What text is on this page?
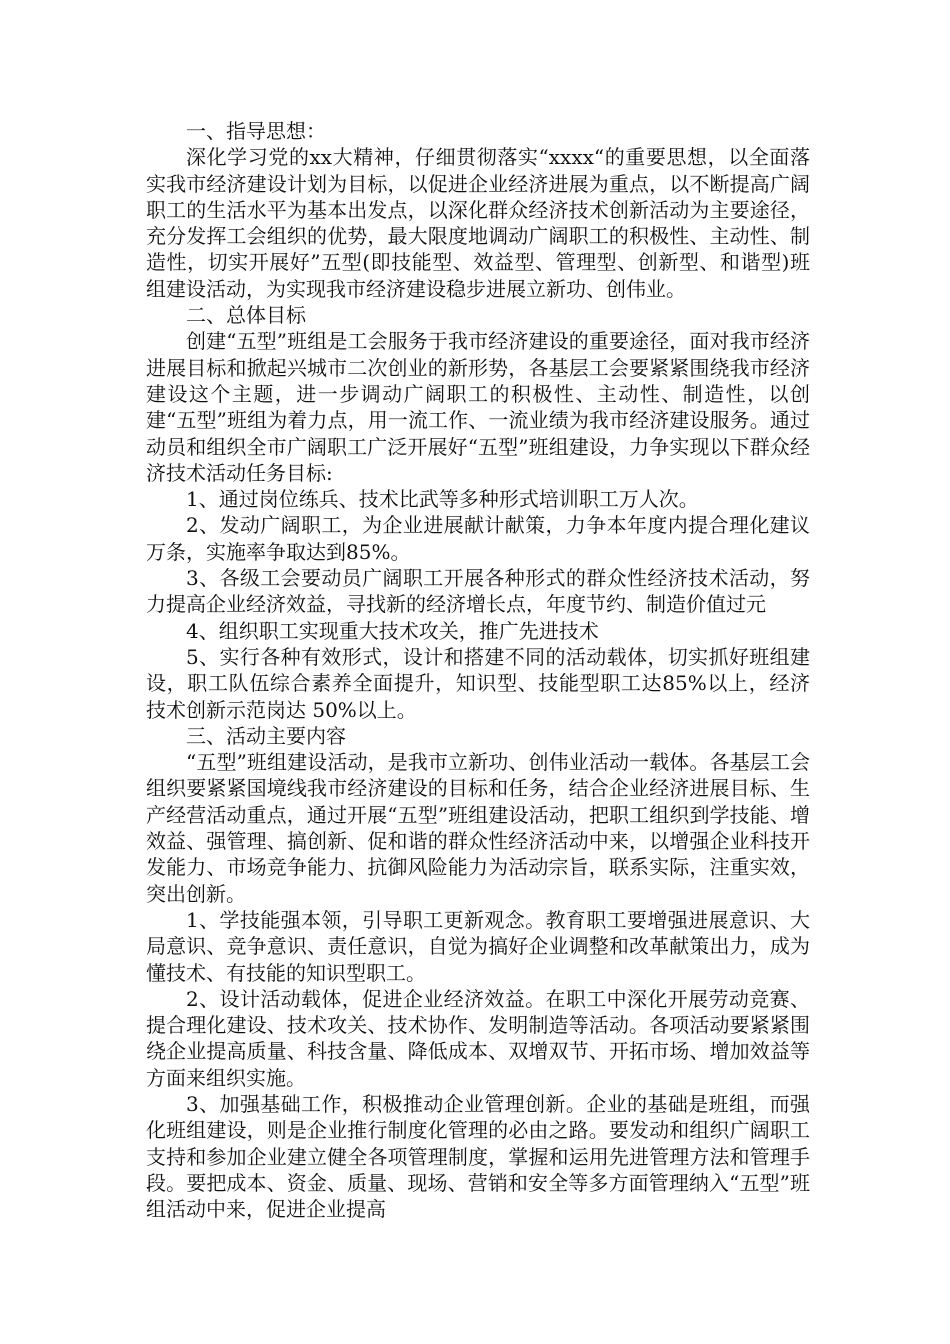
一、指导思想：

深化学习党的xx大精神，仔细贯彻落实“xxxx“的重要思想，以全面落实我市经济建设计划为目标，以促进企业经济进展为重点，以不断提高广阔职工的生活水平为基本出发点，以深化群众经济技术创新活动为主要途径，充分发挥工会组织的优势，最大限度地调动广阔职工的积极性、主动性、制造性，切实开展好”五型(即技能型、效益型、管理型、创新型、和谐型)班组建设活动，为实现我市经济建设稳步进展立新功、创伟业。

二、总体目标

创建“五型”班组是工会服务于我市经济建设的重要途径，面对我市经济进展目标和掀起兴城市二次创业的新形势，各基层工会要紧紧围绕我市经济建设这个主题，进一步调动广阔职工的积极性、主动性、制造性，以创建“五型”班组为着力点，用一流工作、一流业绩为我市经济建设服务。通过动员和组织全市广阔职工广泛开展好“五型”班组建设，力争实现以下群众经济技术活动任务目标:

1、通过岗位练兵、技术比武等多种形式培训职工万人次。

2、发动广阔职工，为企业进展献计献策，力争本年度内提合理化建议万条，实施率争取达到85%。

3、各级工会要动员广阔职工开展各种形式的群众性经济技术活动，努力提高企业经济效益，寻找新的经济增长点，年度节约、制造价值过元

4、组织职工实现重大技术攻关，推广先进技术

5、实行各种有效形式，设计和搭建不同的活动载体，切实抓好班组建设，职工队伍综合素养全面提升，知识型、技能型职工达85%以上，经济技术创新示范岗达 50%以上。

三、活动主要内容

“五型”班组建设活动，是我市立新功、创伟业活动一载体。各基层工会组织要紧紧国境线我市经济建设的目标和任务，结合企业经济进展目标、生产经营活动重点，通过开展“五型”班组建设活动，把职工组织到学技能、增效益、强管理、搞创新、促和谐的群众性经济活动中来，以增强企业科技开发能力、市场竞争能力、抗御风险能力为活动宗旨，联系实际，注重实效，突出创新。

1、学技能强本领，引导职工更新观念。教育职工要增强进展意识、大局意识、竞争意识、责任意识，自觉为搞好企业调整和改革献策出力，成为懂技术、有技能的知识型职工。

2、设计活动载体，促进企业经济效益。在职工中深化开展劳动竞赛、提合理化建设、技术攻关、技术协作、发明制造等活动。各项活动要紧紧围绕企业提高质量、科技含量、降低成本、双增双节、开拓市场、增加效益等方面来组织实施。

3、加强基础工作，积极推动企业管理创新。企业的基础是班组，而强化班组建设，则是企业推行制度化管理的必由之路。要发动和组织广阔职工支持和参加企业建立健全各项管理制度，掌握和运用先进管理方法和管理手段。要把成本、资金、质量、现场、营销和安全等多方面管理纳入“五型”班组活动中来，促进企业提高
